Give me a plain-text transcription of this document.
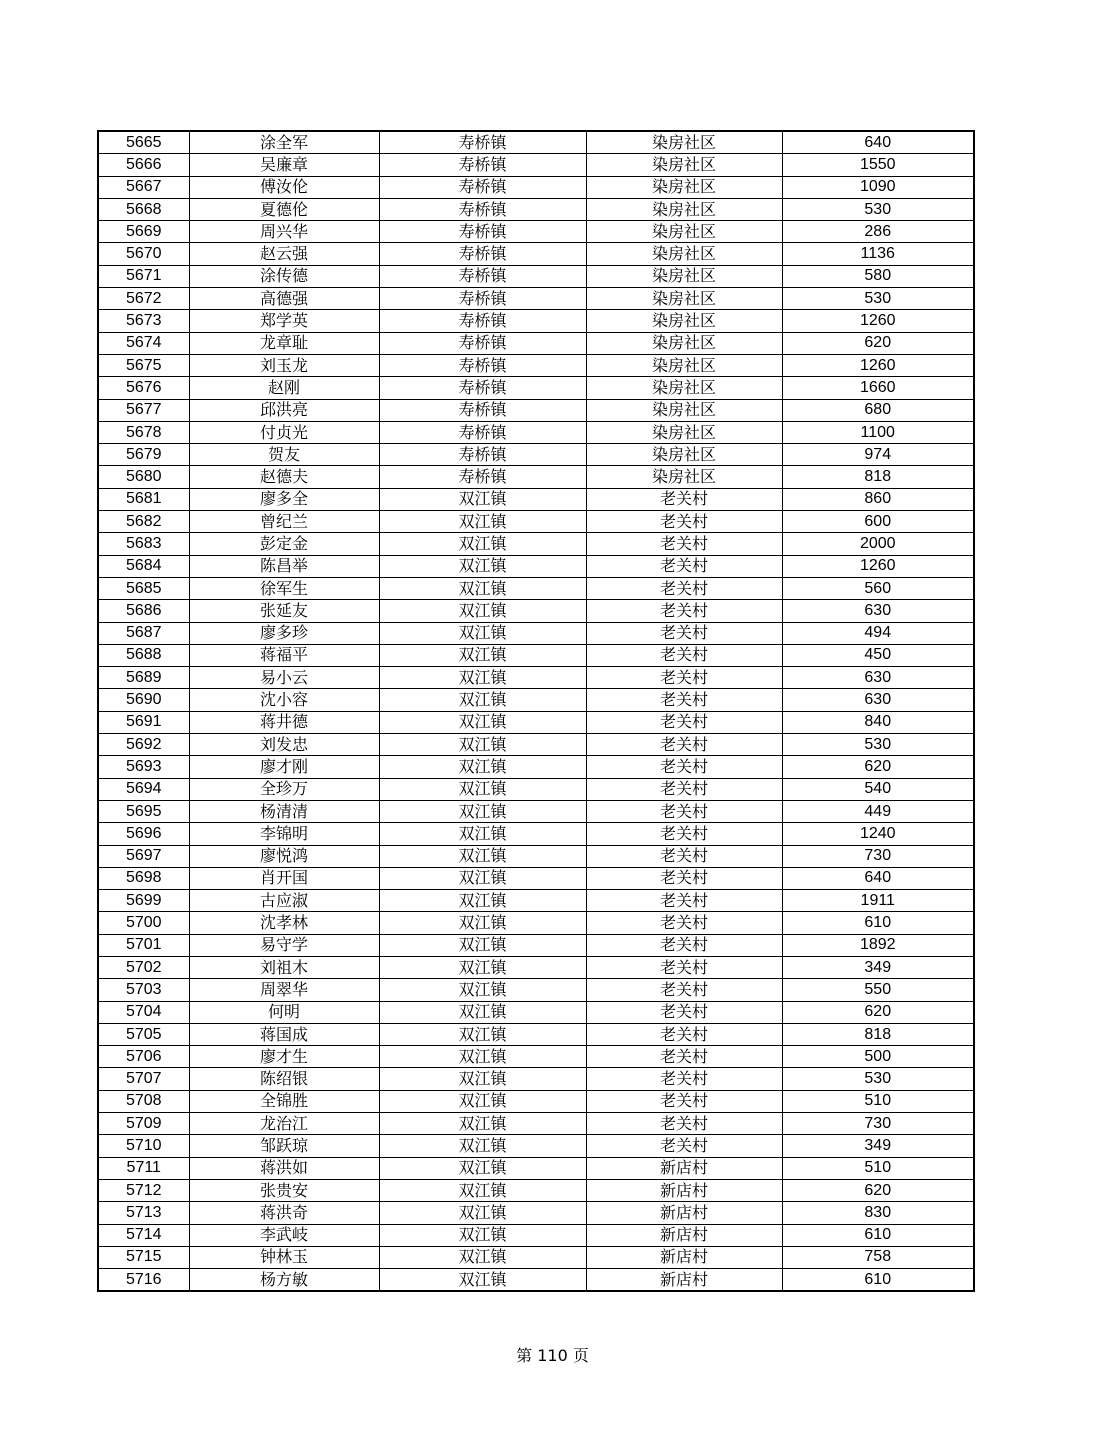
5665	涂全军	寿桥镇	染房社区	640
5666	吴廉章	寿桥镇	染房社区	1550
5667	傅汝伦	寿桥镇	染房社区	1090
5668	夏德伦	寿桥镇	染房社区	530
5669	周兴华	寿桥镇	染房社区	286
5670	赵云强	寿桥镇	染房社区	1136
5671	涂传德	寿桥镇	染房社区	580
5672	高德强	寿桥镇	染房社区	530
5673	郑学英	寿桥镇	染房社区	1260
5674	龙章耻	寿桥镇	染房社区	620
5675	刘玉龙	寿桥镇	染房社区	1260
5676	赵刚	寿桥镇	染房社区	1660
5677	邱洪亮	寿桥镇	染房社区	680
5678	付贞光	寿桥镇	染房社区	1100
5679	贺友	寿桥镇	染房社区	974
5680	赵德夫	寿桥镇	染房社区	818
5681	廖多全	双江镇	老关村	860
5682	曾纪兰	双江镇	老关村	600
5683	彭定金	双江镇	老关村	2000
5684	陈昌举	双江镇	老关村	1260
5685	徐军生	双江镇	老关村	560
5686	张延友	双江镇	老关村	630
5687	廖多珍	双江镇	老关村	494
5688	蒋福平	双江镇	老关村	450
5689	易小云	双江镇	老关村	630
5690	沈小容	双江镇	老关村	630
5691	蒋井德	双江镇	老关村	840
5692	刘发忠	双江镇	老关村	530
5693	廖才刚	双江镇	老关村	620
5694	全珍万	双江镇	老关村	540
5695	杨清清	双江镇	老关村	449
5696	李锦明	双江镇	老关村	1240
5697	廖悦鸿	双江镇	老关村	730
5698	肖开国	双江镇	老关村	640
5699	古应淑	双江镇	老关村	1911
5700	沈孝林	双江镇	老关村	610
5701	易守学	双江镇	老关村	1892
5702	刘祖木	双江镇	老关村	349
5703	周翠华	双江镇	老关村	550
5704	何明	双江镇	老关村	620
5705	蒋国成	双江镇	老关村	818
5706	廖才生	双江镇	老关村	500
5707	陈绍银	双江镇	老关村	530
5708	全锦胜	双江镇	老关村	510
5709	龙治江	双江镇	老关村	730
5710	邹跃琼	双江镇	老关村	349
5711	蒋洪如	双江镇	新店村	510
5712	张贵安	双江镇	新店村	620
5713	蒋洪奇	双江镇	新店村	830
5714	李武岐	双江镇	新店村	610
5715	钟林玉	双江镇	新店村	758
5716	杨方敏	双江镇	新店村	610
第 110 页
